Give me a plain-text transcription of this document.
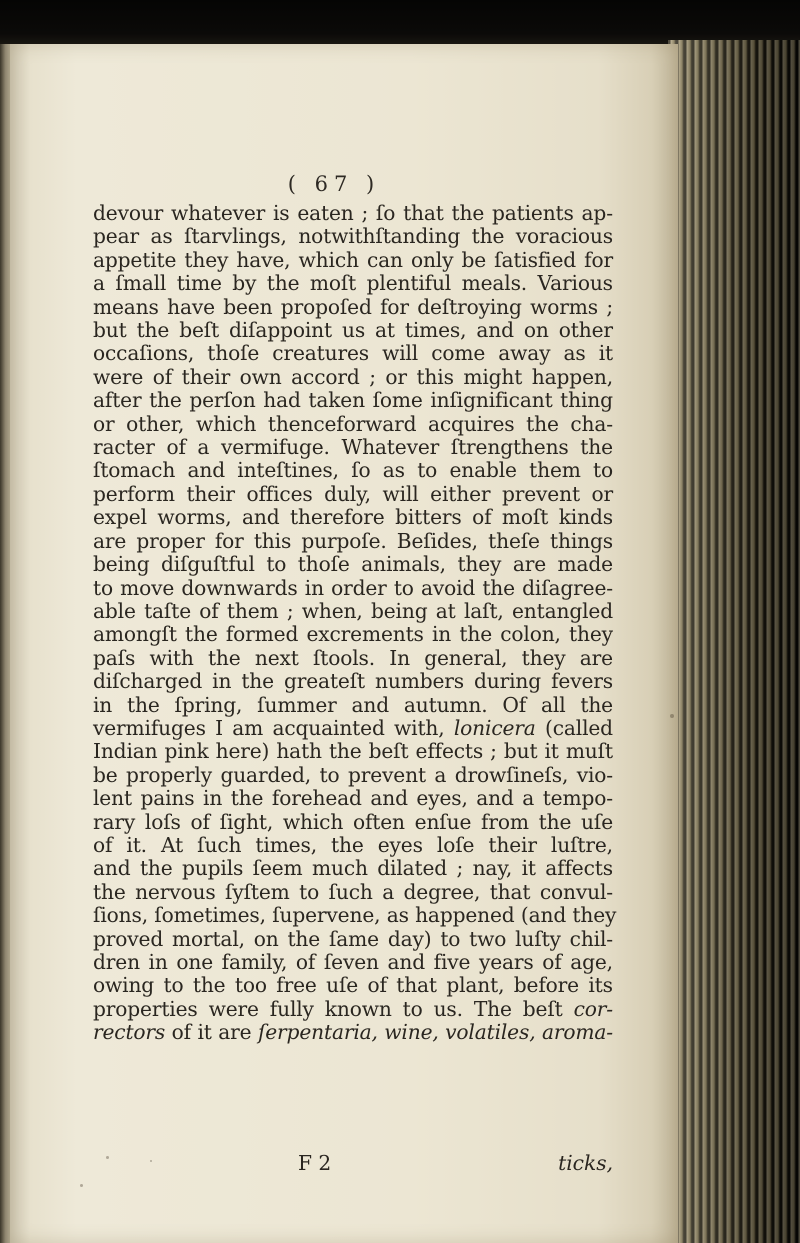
( 67 )
devour whatever is eaten ; ſo that the patients ap-
pear as ſtarvlings, notwithſtanding the voracious
appetite they have, which can only be ſatisfied for
a ſmall time by the moſt plentiful meals. Various
means have been propoſed for deſtroying worms ;
but the beſt diſappoint us at times, and on other
occaſions, thoſe creatures will come away as it
were of their own accord ; or this might happen,
after the perſon had taken ſome inſignificant thing
or other, which thenceforward acquires the cha-
racter of a vermifuge. Whatever ſtrengthens the
ſtomach and inteſtines, ſo as to enable them to
perform their offices duly, will either prevent or
expel worms, and therefore bitters of moſt kinds
are proper for this purpoſe. Beſides, theſe things
being diſguſtful to thoſe animals, they are made
to move downwards in order to avoid the diſagree-
able taſte of them ; when, being at laſt, entangled
amongſt the formed excrements in the colon, they
paſs with the next ſtools. In general, they are
diſcharged in the greateſt numbers during fevers
in the ſpring, ſummer and autumn. Of all the
vermifuges I am acquainted with, lonicera (called
Indian pink here) hath the beſt effects ; but it muſt
be properly guarded, to prevent a drowſineſs, vio-
lent pains in the forehead and eyes, and a tempo-
rary loſs of ſight, which often enſue from the uſe
of it. At ſuch times, the eyes loſe their luſtre,
and the pupils ſeem much dilated ; nay, it affects
the nervous ſyſtem to ſuch a degree, that convul-
ſions, ſometimes, ſupervene, as happened (and they
proved mortal, on the ſame day) to two luſty chil-
dren in one family, of ſeven and five years of age,
owing to the too free uſe of that plant, before its
properties were fully known to us. The beſt cor-
rectors of it are ſerpentaria, wine, volatiles, aroma-
F 2	ticks,
